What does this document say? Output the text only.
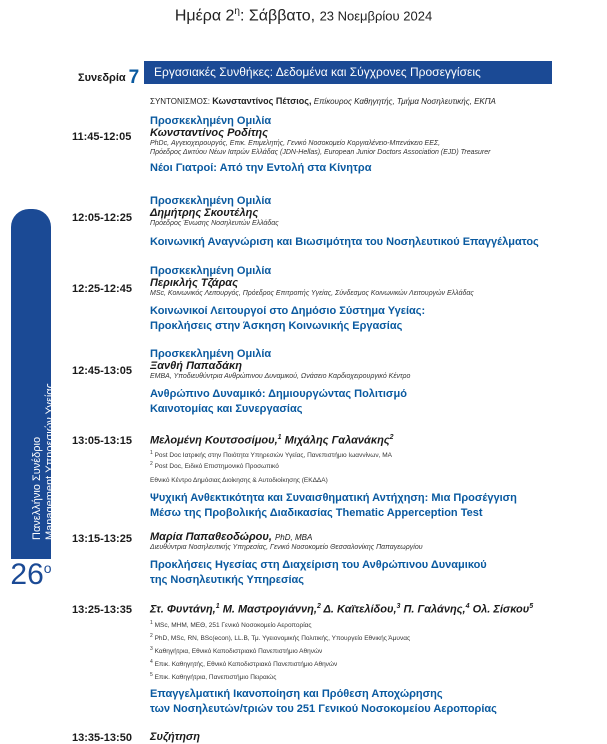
Ημέρα $2^\eta$: Σάββατο, 23 Νοεμβρίου 2024
Συνεδρία 7	Εργασιακές Συνθήκες: Δεδομένα και Σύγχρονες Προσεγγίσεις
ΣΥΝΤΟΝΙΣΜΟΣ: Κωνσταντίνος Πέτσιος, Επίκουρος Καθηγητής, Τμήμα Νοσηλευτικής, ΕΚΠΑ
Πανελλήνιο Συνέδριο Management Υπηρεσιών Υγείας
$26^o$
11:45-12:05
Προσκεκλημένη Ομιλία
Κωνσταντίνος Ροδίτης
PhDc, Αγγειοχειρουργός, Επικ. Επιμελητής, Γενικό Νοσοκομείο Κοργιαλένειο-Μπενάκειο ΕΕΣ,
Πρόεδρος Δικτύου Νέων Ιατρών Ελλάδας (JDN-Hellas), European Junior Doctors Association (EJD) Treasurer
Νέοι Γιατροί: Από την Εντολή στα Κίνητρα
12:05-12:25
Προσκεκλημένη Ομιλία
Δημήτρης Σκουτέλης
Πρόεδρος Ένωσης Νοσηλευτών Ελλάδας
Κοινωνική Αναγνώριση και Βιωσιμότητα του Νοσηλευτικού Επαγγέλματος
12:25-12:45
Προσκεκλημένη Ομιλία
Περικλής Τζάρας
MSc, Κοινωνικός Λειτουργός, Πρόεδρος Επιτροπής Υγείας, Σύνδεσμος Κοινωνικών Λειτουργών Ελλάδας
Κοινωνικοί Λειτουργοί στο Δημόσιο Σύστημα Υγείας:
Προκλήσεις στην Άσκηση Κοινωνικής Εργασίας
12:45-13:05
Προσκεκλημένη Ομιλία
Ξανθή Παπαδάκη
ΕΜΒΑ, Υποδιευθύντρια Ανθρώπινου Δυναμικού, Ωνάσειο Καρδιοχειρουργικό Κέντρο
Ανθρώπινο Δυναμικό: Δημιουργώντας Πολιτισμό
Καινοτομίας και Συνεργασίας
13:05-13:15 Μελομένη Κουτσοσίμου,$^1$ Μιχάλης Γαλανάκης$^2$
$^1$ Post Doc Ιατρικής στην Ποιότητα Υπηρεσιών Υγείας, Πανεπιστήμιο Ιωαννίνων, ΜΑ
$^2$ Post Doc, Ειδικό Επιστημονικό Προσωπικό
Εθνικό Κέντρο Δημόσιας Διοίκησης & Αυτοδιοίκησης (ΕΚΔΔΑ)
Ψυχική Ανθεκτικότητα και Συναισθηματική Αντήχηση: Μια Προσέγγιση
Μέσω της Προβολικής Διαδικασίας Thematic Apperception Test
13:15-13:25 Μαρία Παπαθεοδώρου, PhD, MBA
Διευθύντρια Νοσηλευτικής Υπηρεσίας, Γενικό Νοσοκομείο Θεσσαλονίκης Παπαγεωργίου
Προκλήσεις Ηγεσίας στη Διαχείριση του Ανθρώπινου Δυναμικού
της Νοσηλευτικής Υπηρεσίας
13:25-13:35 Στ. Φυντάνη,$^1$ Μ. Μαστρογιάννη,$^2$ Δ. Καϊτελίδου,$^3$ Π. Γαλάνης,$^4$ Ολ. Σίσκου$^5$
$^1$ MSc, ΜΗΜ, ΜΕΘ, 251 Γενικό Νοσοκομείο Αεροπορίας
$^2$ PhD, MSc, RN, BSc(econ), LL.B, Τμ. Υγειονομικής Πολιτικής, Υπουργείο Εθνικής Άμυνας
$^3$ Καθηγήτρια, Εθνικό Καποδιστριακό Πανεπιστήμιο Αθηνών
$^4$ Επικ. Καθηγητής, Εθνικό Καποδιστριακό Πανεπιστήμιο Αθηνών
$^5$ Επικ. Καθηγήτρια, Πανεπιστήμιο Πειραιώς
Επαγγελματική Ικανοποίηση και Πρόθεση Αποχώρησης
των Νοσηλευτών/τριών του 251 Γενικού Νοσοκομείου Αεροπορίας
13:35-13:50 Συζήτηση
